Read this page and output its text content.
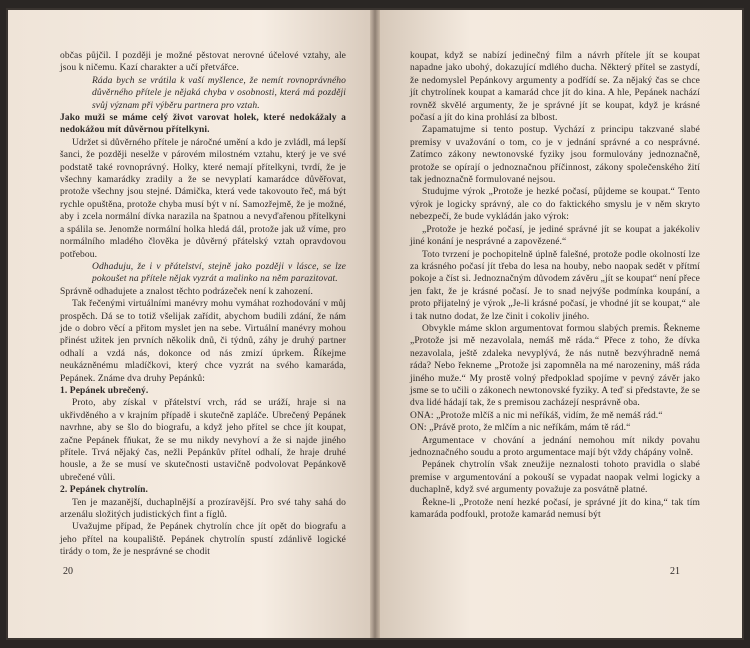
občas půjčil. I později je možné pěstovat nerovné účelové vztahy, ale jsou k ničemu. Kazí charakter a učí přetvářce.

Ráda bych se vrátila k vaší myšlence, že nemít rovnoprávného důvěrného přítele je nějaká chyba v osobnosti, která má později svůj význam při výběru partnera pro vztah.

Jako muži se máme celý život varovat holek, které nedokážaly a nedokážou mít důvěrnou přítelkyni.

Udržet si důvěrného přítele je náročné umění a kdo je zvládl, má lepší šanci, že později neselže v párovém milostném vztahu, který je ve své podstatě také rovnoprávný. Holky, které nemají přítelkyni, tvrdí, že je všechny kamarádky zradily a že se nevyplatí kamarádce důvěřovat, protože všechny jsou stejné. Dámička, která vede takovouto řeč, má být rychle opuštěna, protože chyba musí být v ní. Samozřejmě, že je možné, aby i zcela normální dívka narazila na špatnou a nevyďařenou přítelkyni a spálila se. Jenomže normální holka hledá dál, protože jak už víme, pro normálního mladého člověka je důvěrný přátelský vztah opravdovou potřebou.

Odhaduju, že i v přátelství, stejně jako později v lásce, se lze pokoušet na přítele nějak vyzrát a malinko na něm parazitovat.

Správně odhadujete a znalost těchto podrázeček není k zahození.

Tak řečenými virtuálními manévry mohu vymáhat rozhodování v můj prospěch. Dá se to totiž všelijak zařídit, abychom budili zdání, že nám jde o dobro věcí a přitom myslet jen na sebe. Virtuální manévry mohou přinést užitek jen prvních několik dnů, či týdnů, záhy je druhý partner odhalí a vzdá nás, dokonce od nás zmizí úprkem. Říkejme neukázněnému mladíčkovi, který chce vyzrát na svého kamaráda, Pepánek. Známe dva druhy Pepánků:

1. Pepánek ubrečený.

Proto, aby získal v přátelství vrch, rád se uráží, hraje si na ukřivděného a v krajním případě i skutečně zapláče. Ubrečený Pepánek navrhne, aby se šlo do biografu, a když jeho přítel se chce jít koupat, začne Pepánek fňukat, že se mu nikdy nevyhoví a že si najde jiného přítele. Trvá nějaký čas, nežli Pepánkův přítel odhalí, že hraje druhé housle, a že se musí ve skutečnosti ustavičně podvolovat Pepánkově ubrečené vůli.

2. Pepánek chytrolín.

Ten je mazanější, duchaplnější a prozíravější. Pro své tahy sahá do arzenálu složitých judistických fint a fíglů.

Uvažujme případ, že Pepánek chytrolín chce jít opět do biografu a jeho přítel na koupaliště. Pepánek chytrolín spustí zdánlivě logické tirády o tom, že je nesprávné se chodit

20

koupat, když se nabízí jedinečný film a návrh přítele jít se koupat napadne jako ubohý, dokazující mdlého ducha. Některý přítel se zastydí, že nedomyslel Pepánkovy argumenty a podřídí se. Za nějaký čas se chce jít chytrolínek koupat a kamarád chce jít do kina. A hle, Pepánek nachází rovněž skvělé argumenty, že je správné jít se koupat, když je krásné počasí a jít do kina prohlásí za blbost.

Zapamatujme si tento postup. Vychází z principu takzvané slabé premisy v uvažování o tom, co je v jednání správné a co nesprávné. Zatímco zákony newtonovské fyziky jsou formulovány jednoznačně, protože se opírají o jednoznačnou příčinnost, zákony společenského žití tak jednoznačně formulované nejsou.

Studujme výrok „Protože je hezké počasí, půjdeme se koupat.“ Tento výrok je logicky správný, ale co do faktického smyslu je v něm skryto nebezpečí, že bude vykládán jako výrok:

„Protože je hezké počasí, je jediné správné jít se koupat a jakékoliv jiné konání je nesprávné a zapovězené.“

Toto tvrzení je pochopitelně úplně falešné, protože podle okolností lze za krásného počasí jít třeba do lesa na houby, nebo naopak sedět v přítmí pokoje a číst si. Jednoznačným důvodem závěru „jít se koupat“ není přece jen fakt, že je krásné počasí. Je to snad nejvýše podmínka koupání, a proto přijatelný je výrok „Je-li krásné počasí, je vhodné jít se koupat,“ ale i tak nutno dodat, že lze činit i cokoliv jiného.

Obvykle máme sklon argumentovat formou slabých premis. Řekneme „Protože jsi mě nezavolala, nemáš mě ráda.“ Přece z toho, že dívka nezavolala, ještě zdaleka nevyplývá, že nás nutně bezvýhradně nemá ráda? Nebo řekneme „Protože jsi zapomněla na mé narozeniny, máš ráda jiného muže.“ My prostě volný předpoklad spojíme v pevný závěr jako jsme se to učili o zákonech newtonovské fyziky. A teď si představte, že se dva lidé hádají tak, že s premisou zacházejí nesprávně oba.

ONA: „Protože mlčíš a nic mi neříkáš, vidím, že mě nemáš rád.“

ON: „Právě proto, že mlčím a nic neříkám, mám tě rád.“

Argumentace v chování a jednání nemohou mít nikdy povahu jednoznačného soudu a proto argumentace mají být vždy chápány volně.

Pepánek chytrolín však zneužije neznalosti tohoto pravidla o slabé premise v argumentování a pokouší se vypadat naopak velmi logicky a duchaplně, když své argumenty považuje za posvátně platné.

Řekne-li „Protože není hezké počasí, je správné jít do kina,“ tak tím kamaráda podfoukl, protože kamarád nemusí být

21
